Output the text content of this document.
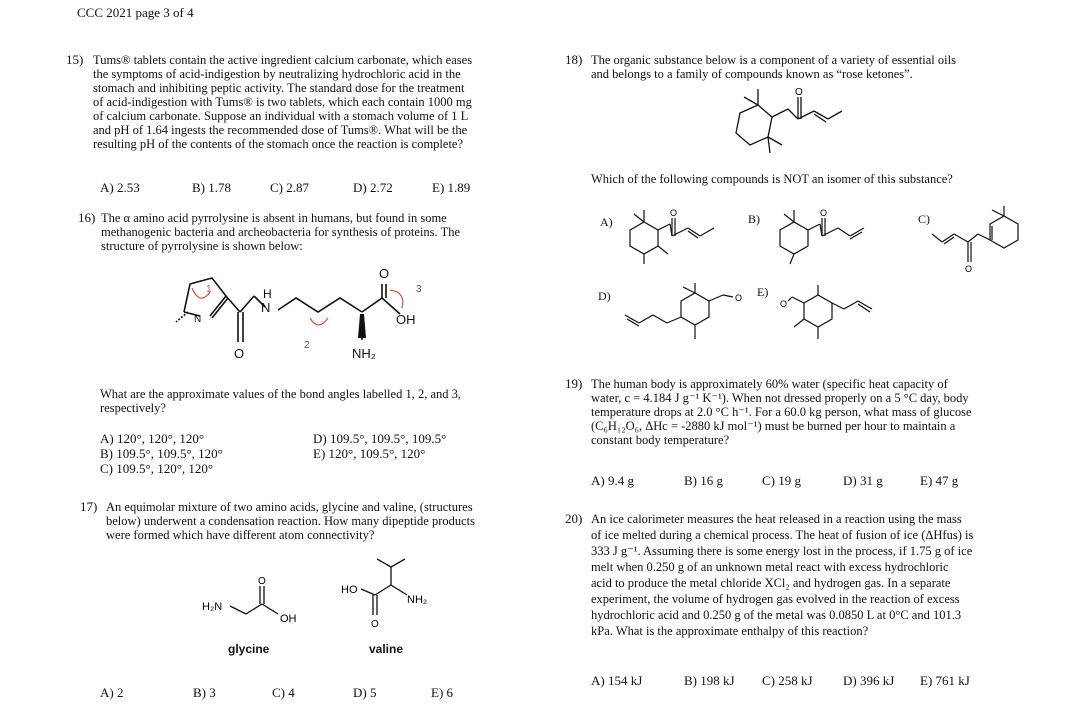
CCC 2021 page 3 of 4
15) Tums® tablets contain the active ingredient calcium carbonate, which eases
the symptoms of acid-indigestion by neutralizing hydrochloric acid in the
stomach and inhibiting peptic activity. The standard dose for the treatment
of acid-indigestion with Tums® is two tablets, which each contain 1000 mg
of calcium carbonate. Suppose an individual with a stomach volume of 1 L
and pH of 1.64 ingests the recommended dose of Tums®. What will be the
resulting pH of the contents of the stomach once the reaction is complete?
A) 2.53	B) 1.78	C) 2.87	D) 2.72	E) 1.89
16) The α amino acid pyrrolysine is absent in humans, but found in some
methanogenic bacteria and archeobacteria for synthesis of proteins. The
structure of pyrrolysine is shown below:
N
H
N
O
O
OH
NH₂
1
2
3
What are the approximate values of the bond angles labelled 1, 2, and 3,
respectively?
A) 120°, 120°, 120°
B) 109.5°, 109.5°, 120°
C) 109.5°, 120°, 120°
D) 109.5°, 109.5°, 109.5°
E) 120°, 109.5°, 120°
17) An equimolar mixture of two amino acids, glycine and valine, (structures
below) underwent a condensation reaction. How many dipeptide products
were formed which have different atom connectivity?
H₂N
O
OH
HO
O
NH₂
glycine	valine
A) 2	B) 3	C) 4	D) 5	E) 6
18) The organic substance below is a component of a variety of essential oils
and belongs to a family of compounds known as “rose ketones”.
O
Which of the following compounds is NOT an isomer of this substance?
A)
O	B)	O	C)
O
D)	O E)
O
19) The human body is approximately 60% water (specific heat capacity of
water, c = 4.184 J g⁻¹ K⁻¹). When not dressed properly on a 5 °C day, body
temperature drops at 2.0 °C h⁻¹. For a 60.0 kg person, what mass of glucose
(C₆H₁₂O₆, ΔHc = -2880 kJ mol⁻¹) must be burned per hour to maintain a
constant body temperature?
A) 9.4 g	B) 16 g	C) 19 g	D) 31 g	E) 47 g
20) An ice calorimeter measures the heat released in a reaction using the mass
of ice melted during a chemical process. The heat of fusion of ice (ΔHfus) is
333 J g⁻¹. Assuming there is some energy lost in the process, if 1.75 g of ice
melt when 0.250 g of an unknown metal react with excess hydrochloric
acid to produce the metal chloride XCl₂ and hydrogen gas. In a separate
experiment, the volume of hydrogen gas evolved in the reaction of excess
hydrochloric acid and 0.250 g of the metal was 0.0850 L at 0°C and 101.3
kPa. What is the approximate enthalpy of this reaction?
A) 154 kJ	B) 198 kJ C) 258 kJ D) 396 kJ E) 761 kJ
